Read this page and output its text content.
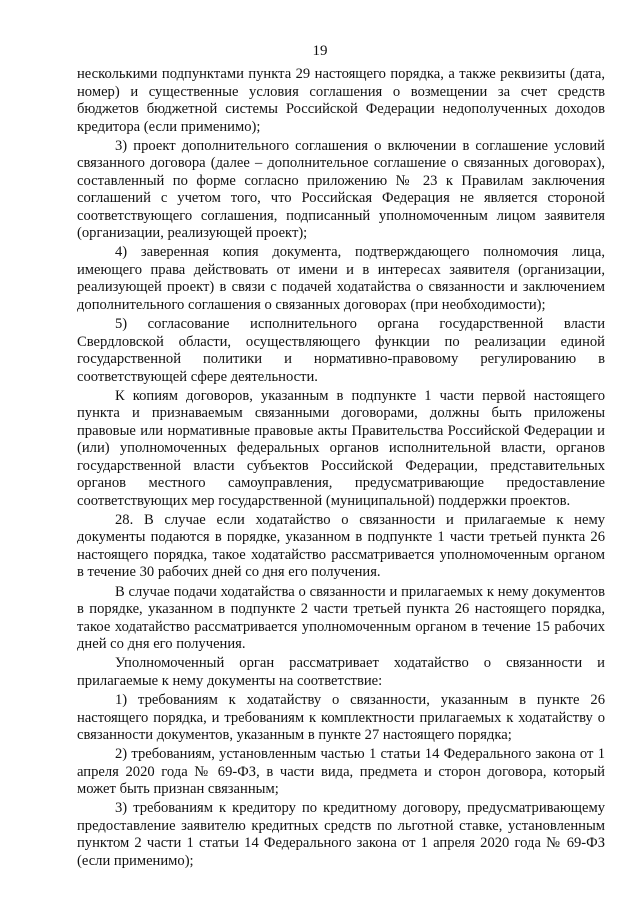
19

несколькими подпунктами пункта 29 настоящего порядка, а также реквизиты (дата, номер) и существенные условия соглашения о возмещении за счет средств бюджетов бюджетной системы Российской Федерации недополученных доходов кредитора (если применимо);

3) проект дополнительного соглашения о включении в соглашение условий связанного договора (далее – дополнительное соглашение о связанных договорах), составленный по форме согласно приложению № 23 к Правилам заключения соглашений с учетом того, что Российская Федерация не является стороной соответствующего соглашения, подписанный уполномоченным лицом заявителя (организации, реализующей проект);

4) заверенная копия документа, подтверждающего полномочия лица, имеющего права действовать от имени и в интересах заявителя (организации, реализующей проект) в связи с подачей ходатайства о связанности и заключением дополнительного соглашения о связанных договорах (при необходимости);

5) согласование исполнительного органа государственной власти Свердловской области, осуществляющего функции по реализации единой государственной политики и нормативно-правовому регулированию в соответствующей сфере деятельности.

К копиям договоров, указанным в подпункте 1 части первой настоящего пункта и признаваемым связанными договорами, должны быть приложены правовые или нормативные правовые акты Правительства Российской Федерации и (или) уполномоченных федеральных органов исполнительной власти, органов государственной власти субъектов Российской Федерации, представительных органов местного самоуправления, предусматривающие предоставление соответствующих мер государственной (муниципальной) поддержки проектов.

28. В случае если ходатайство о связанности и прилагаемые к нему документы подаются в порядке, указанном в подпункте 1 части третьей пункта 26 настоящего порядка, такое ходатайство рассматривается уполномоченным органом в течение 30 рабочих дней со дня его получения.

В случае подачи ходатайства о связанности и прилагаемых к нему документов в порядке, указанном в подпункте 2 части третьей пункта 26 настоящего порядка, такое ходатайство рассматривается уполномоченным органом в течение 15 рабочих дней со дня его получения.

Уполномоченный орган рассматривает ходатайство о связанности и прилагаемые к нему документы на соответствие:

1) требованиям к ходатайству о связанности, указанным в пункте 26 настоящего порядка, и требованиям к комплектности прилагаемых к ходатайству о связанности документов, указанным в пункте 27 настоящего порядка;

2) требованиям, установленным частью 1 статьи 14 Федерального закона от 1 апреля 2020 года № 69-ФЗ, в части вида, предмета и сторон договора, который может быть признан связанным;

3) требованиям к кредитору по кредитному договору, предусматривающему предоставление заявителю кредитных средств по льготной ставке, установленным пунктом 2 части 1 статьи 14 Федерального закона от 1 апреля 2020 года № 69-ФЗ (если применимо);
